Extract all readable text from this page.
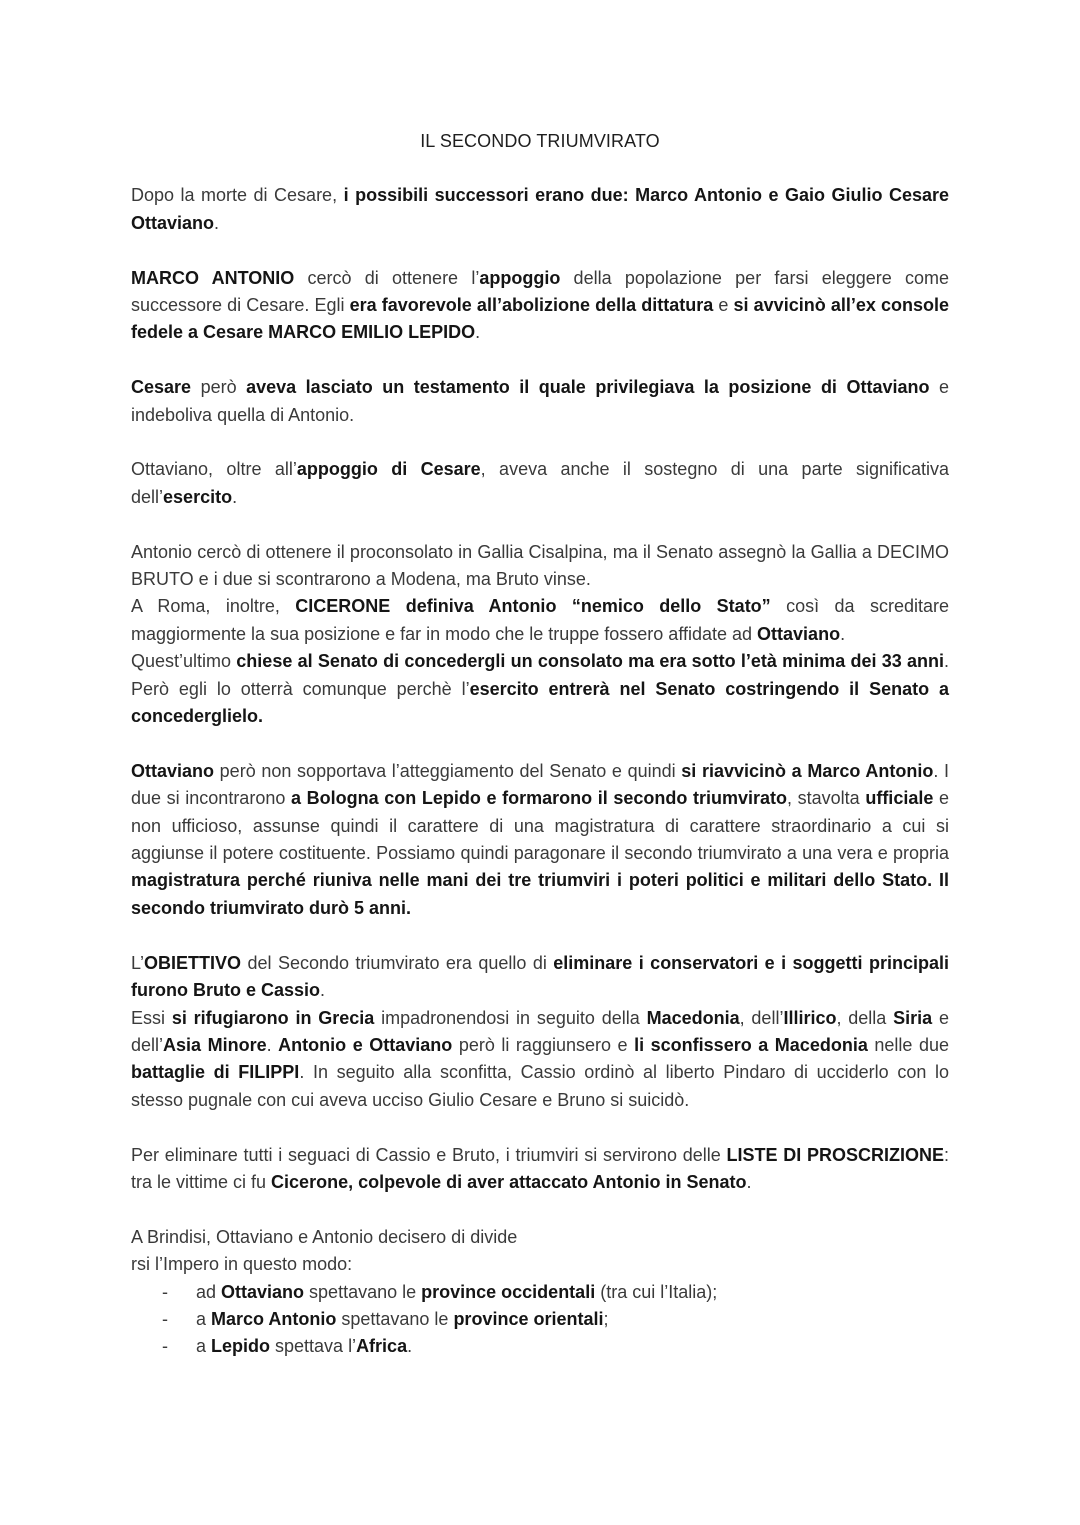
IL SECONDO TRIUMVIRATO

Dopo la morte di Cesare, i possibili successori erano due: Marco Antonio e Gaio Giulio Cesare Ottaviano.

MARCO ANTONIO cercò di ottenere l’appoggio della popolazione per farsi eleggere come successore di Cesare. Egli era favorevole all’abolizione della dittatura e si avvicinò all’ex console fedele a Cesare MARCO EMILIO LEPIDO.

Cesare però aveva lasciato un testamento il quale privilegiava la posizione di Ottaviano e indeboliva quella di Antonio.

Ottaviano, oltre all’appoggio di Cesare, aveva anche il sostegno di una parte significativa dell’esercito.

Antonio cercò di ottenere il proconsolato in Gallia Cisalpina, ma il Senato assegnò la Gallia a DECIMO BRUTO e i due si scontrarono a Modena, ma Bruto vinse.

A Roma, inoltre, CICERONE definiva Antonio “nemico dello Stato” così da screditare maggiormente la sua posizione e far in modo che le truppe fossero affidate ad Ottaviano.

Quest’ultimo chiese al Senato di concedergli un consolato ma era sotto l’età minima dei 33 anni. Però egli lo otterrà comunque perchè l’esercito entrerà nel Senato costringendo il Senato a concederglielo.

Ottaviano però non sopportava l’atteggiamento del Senato e quindi si riavvicinò a Marco Antonio. I due si incontrarono a Bologna con Lepido e formarono il secondo triumvirato, stavolta ufficiale e non ufficioso, assunse quindi il carattere di una magistratura di carattere straordinario a cui si aggiunse il potere costituente. Possiamo quindi paragonare il secondo triumvirato a una vera e propria magistratura perché riuniva nelle mani dei tre triumviri i poteri politici e militari dello Stato. Il secondo triumvirato durò 5 anni.

L’OBIETTIVO del Secondo triumvirato era quello di eliminare i conservatori e i soggetti principali furono Bruto e Cassio.

Essi si rifugiarono in Grecia impadronendosi in seguito della Macedonia, dell’Illirico, della Siria e dell’Asia Minore. Antonio e Ottaviano però li raggiunsero e li sconfissero a Macedonia nelle due battaglie di FILIPPI. In seguito alla sconfitta, Cassio ordinò al liberto Pindaro di ucciderlo con lo stesso pugnale con cui aveva ucciso Giulio Cesare e Bruno si suicidò.

Per eliminare tutti i seguaci di Cassio e Bruto, i triumviri si servirono delle LISTE DI PROSCRIZIONE: tra le vittime ci fu Cicerone, colpevole di aver attaccato Antonio in Senato.

A Brindisi, Ottaviano e Antonio decisero di divide

rsi l’Impero in questo modo:

- ad Ottaviano spettavano le province occidentali (tra cui l’Italia);
- a Marco Antonio spettavano le province orientali;
- a Lepido spettava l’Africa.
